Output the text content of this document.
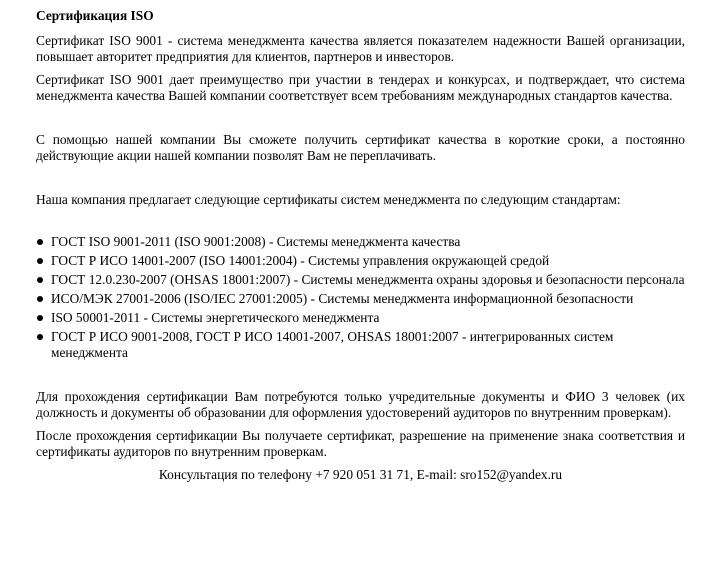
Сертификация ISO

Сертификат ISO 9001 - система менеджмента качества является показателем надежности Вашей организации, повышает авторитет предприятия для клиентов, партнеров и инвесторов.

Сертификат ISO 9001 дает преимущество при участии в тендерах и конкурсах, и подтверждает, что система менеджмента качества Вашей компании соответствует всем требованиям международных стандартов качества.

С помощью нашей компании Вы сможете получить сертификат качества в короткие сроки, а постоянно действующие акции нашей компании позволят Вам не переплачивать.

Наша компания предлагает следующие сертификаты систем менеджмента по следующим стандартам:

ГОСТ ISO 9001-2011 (ISO 9001:2008) - Системы менеджмента качества
ГОСТ Р ИСО 14001-2007 (ISO 14001:2004) - Системы управления окружающей средой
ГОСТ 12.0.230-2007 (OHSAS 18001:2007) - Системы менеджмента охраны здоровья и безопасности персонала
ИСО/МЭК 27001-2006 (ISO/IEC 27001:2005) - Системы менеджмента информационной безопасности
ISO 50001-2011 - Системы энергетического менеджмента
ГОСТ Р ИСО 9001-2008, ГОСТ Р ИСО 14001-2007, OHSAS 18001:2007 - интегрированных систем менеджмента

Для прохождения сертификации Вам потребуются только учредительные документы и ФИО 3 человек (их должность и документы об образовании для оформления удостоверений аудиторов по внутренним проверкам).

После прохождения сертификации Вы получаете сертификат, разрешение на применение знака соответствия и сертификаты аудиторов по внутренним проверкам.

Консультация по телефону +7 920 051 31 71, E-mail: sro152@yandex.ru
